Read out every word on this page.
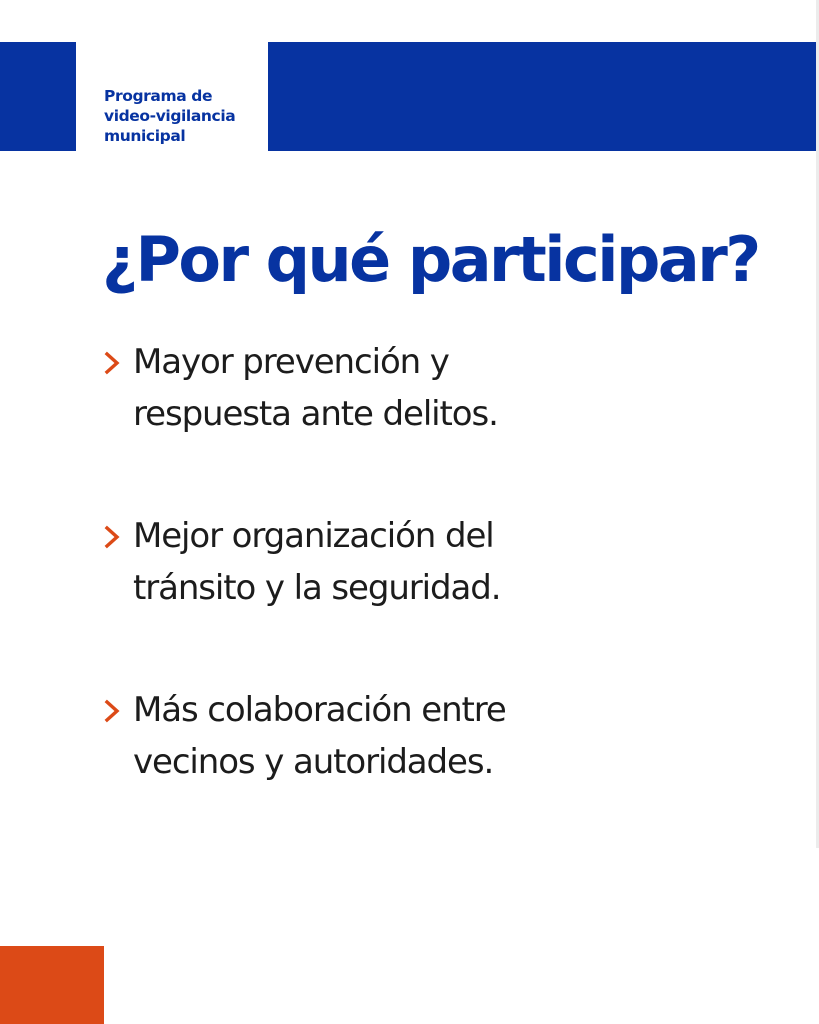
Programa de
video-vigilancia
municipal
¿Por qué participar?
Mayor prevención y
respuesta ante delitos.
Mejor organización del
tránsito y la seguridad.
Más colaboración entre
vecinos y autoridades.
